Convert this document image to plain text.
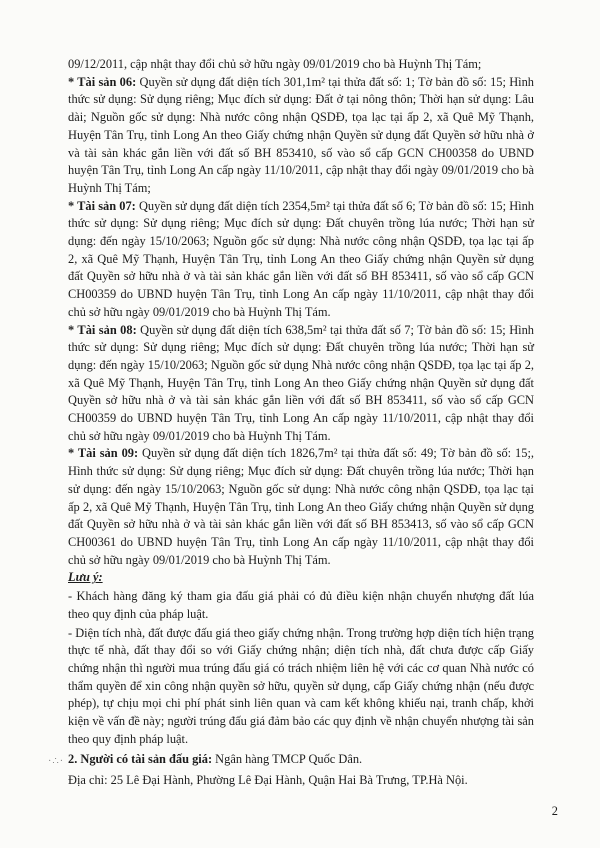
09/12/2011, cập nhật thay đổi chủ sở hữu ngày 09/01/2019 cho bà Huỳnh Thị Tám;

* Tài sản 06: Quyền sử dụng đất diện tích 301,1m² tại thửa đất số: 1; Tờ bản đồ số: 15; Hình thức sử dụng: Sử dụng riêng; Mục đích sử dụng: Đất ở tại nông thôn; Thời hạn sử dụng: Lâu dài; Nguồn gốc sử dụng: Nhà nước công nhận QSDĐ, tọa lạc tại ấp 2, xã Quê Mỹ Thạnh, Huyện Tân Trụ, tỉnh Long An theo Giấy chứng nhận Quyền sử dụng đất Quyền sở hữu nhà ở và tài sản khác gắn liền với đất số BH 853410, số vào sổ cấp GCN CH00358 do UBND huyện Tân Trụ, tỉnh Long An cấp ngày 11/10/2011, cập nhật thay đổi ngày 09/01/2019 cho bà Huỳnh Thị Tám;

* Tài sản 07: Quyền sử dụng đất diện tích 2354,5m² tại thửa đất số 6; Tờ bản đồ số: 15; Hình thức sử dụng: Sử dụng riêng; Mục đích sử dụng: Đất chuyên trồng lúa nước; Thời hạn sử dụng: đến ngày 15/10/2063; Nguồn gốc sử dụng: Nhà nước công nhận QSDĐ, tọa lạc tại ấp 2, xã Quê Mỹ Thạnh, Huyện Tân Trụ, tỉnh Long An theo Giấy chứng nhận Quyền sử dụng đất Quyền sở hữu nhà ở và tài sản khác gắn liền với đất số BH 853411, số vào sổ cấp GCN CH00359 do UBND huyện Tân Trụ, tỉnh Long An cấp ngày 11/10/2011, cập nhật thay đổi chủ sở hữu ngày 09/01/2019 cho bà Huỳnh Thị Tám.

* Tài sản 08: Quyền sử dụng đất diện tích 638,5m² tại thửa đất số 7; Tờ bản đồ số: 15; Hình thức sử dụng: Sử dụng riêng; Mục đích sử dụng: Đất chuyên trồng lúa nước; Thời hạn sử dụng: đến ngày 15/10/2063; Nguồn gốc sử dụng Nhà nước công nhận QSDĐ, tọa lạc tại ấp 2, xã Quê Mỹ Thạnh, Huyện Tân Trụ, tỉnh Long An theo Giấy chứng nhận Quyền sử dụng đất Quyền sở hữu nhà ở và tài sản khác gắn liền với đất số BH 853411, số vào sổ cấp GCN CH00359 do UBND huyện Tân Trụ, tỉnh Long An cấp ngày 11/10/2011, cập nhật thay đổi chủ sở hữu ngày 09/01/2019 cho bà Huỳnh Thị Tám.

* Tài sản 09: Quyền sử dụng đất diện tích 1826,7m² tại thửa đất số: 49; Tờ bản đồ số: 15;, Hình thức sử dụng: Sử dụng riêng; Mục đích sử dụng: Đất chuyên trồng lúa nước; Thời hạn sử dụng: đến ngày 15/10/2063; Nguồn gốc sử dụng: Nhà nước công nhận QSDĐ, tọa lạc tại ấp 2, xã Quê Mỹ Thạnh, Huyện Tân Trụ, tỉnh Long An theo Giấy chứng nhận Quyền sử dụng đất Quyền sở hữu nhà ở và tài sản khác gắn liền với đất số BH 853413, số vào sổ cấp GCN CH00361 do UBND huyện Tân Trụ, tỉnh Long An cấp ngày 11/10/2011, cập nhật thay đổi chủ sở hữu ngày 09/01/2019 cho bà Huỳnh Thị Tám.

Lưu ý:

- Khách hàng đăng ký tham gia đấu giá phải có đủ điều kiện nhận chuyển nhượng đất lúa theo quy định của pháp luật.

- Diện tích nhà, đất được đấu giá theo giấy chứng nhận. Trong trường hợp diện tích hiện trạng thực tế nhà, đất thay đổi so với Giấy chứng nhận; diện tích nhà, đất chưa được cấp Giấy chứng nhận thì người mua trúng đấu giá có trách nhiệm liên hệ với các cơ quan Nhà nước có thẩm quyền để xin công nhận quyền sở hữu, quyền sử dụng, cấp Giấy chứng nhận (nếu được phép), tự chịu mọi chi phí phát sinh liên quan và cam kết không khiếu nại, tranh chấp, khởi kiện về vấn đề này; người trúng đấu giá đảm bảo các quy định về nhận chuyển nhượng tài sản theo quy định pháp luật.

2. Người có tài sản đấu giá: Ngân hàng TMCP Quốc Dân.

Địa chỉ: 25 Lê Đại Hành, Phường Lê Đại Hành, Quận Hai Bà Trưng, TP.Hà Nội.

·∴·
2
